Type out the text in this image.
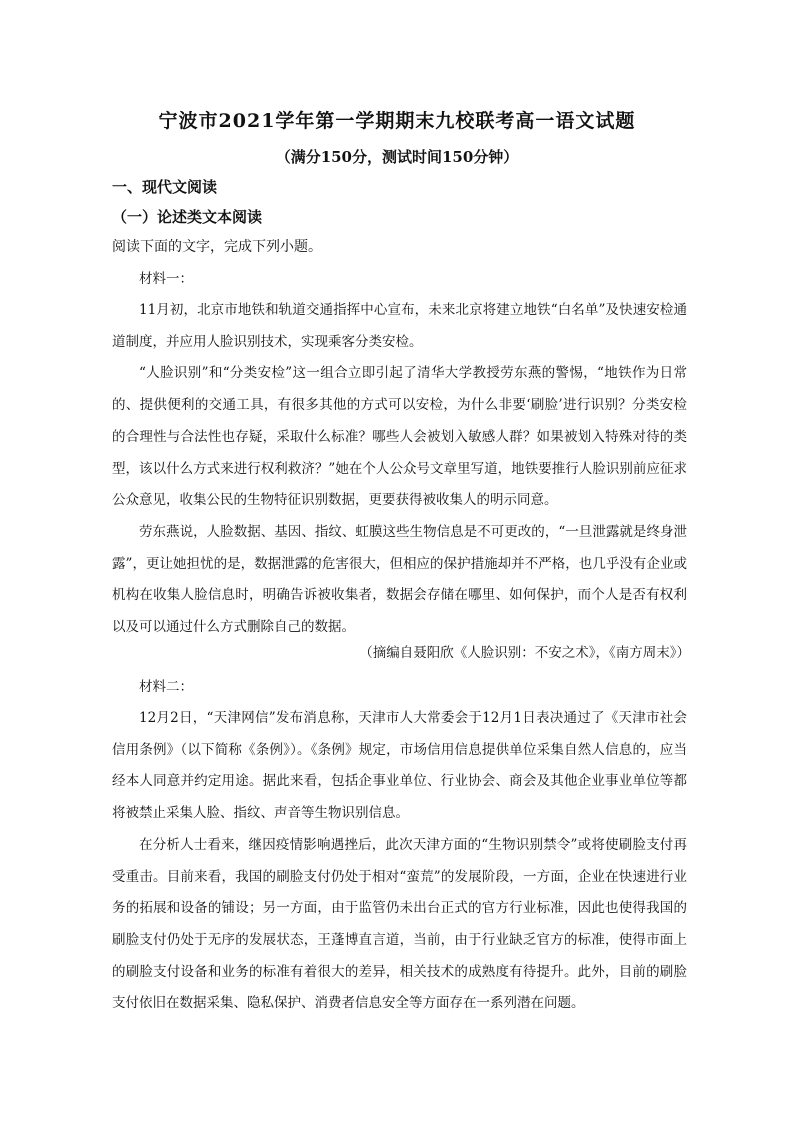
宁波市2021学年第一学期期末九校联考高一语文试题
（满分150分，测试时间150分钟）
一、现代文阅读
（一）论述类文本阅读
阅读下面的文字，完成下列小题。

材料一：

11月初，北京市地铁和轨道交通指挥中心宣布，未来北京将建立地铁“白名单”及快速安检通道制度，并应用人脸识别技术，实现乘客分类安检。

“人脸识别”和“分类安检”这一组合立即引起了清华大学教授劳东燕的警惕，“地铁作为日常的、提供便利的交通工具，有很多其他的方式可以安检，为什么非要‘刷脸’进行识别？分类安检的合理性与合法性也存疑，采取什么标准？哪些人会被划入敏感人群？如果被划入特殊对待的类型，该以什么方式来进行权利救济？”她在个人公众号文章里写道，地铁要推行人脸识别前应征求公众意见，收集公民的生物特征识别数据，更要获得被收集人的明示同意。

劳东燕说，人脸数据、基因、指纹、虹膜这些生物信息是不可更改的，“一旦泄露就是终身泄露”，更让她担忧的是，数据泄露的危害很大，但相应的保护措施却并不严格，也几乎没有企业或机构在收集人脸信息时，明确告诉被收集者，数据会存储在哪里、如何保护，而个人是否有权利以及可以通过什么方式删除自己的数据。

（摘编自聂阳欣《人脸识别：不安之术》，《南方周末》）

材料二：

12月2日，“天津网信”发布消息称，天津市人大常委会于12月1日表决通过了《天津市社会信用条例》（以下简称《条例》）。《条例》规定，市场信用信息提供单位采集自然人信息的，应当经本人同意并约定用途。据此来看，包括企事业单位、行业协会、商会及其他企业事业单位等都将被禁止采集人脸、指纹、声音等生物识别信息。

在分析人士看来，继因疫情影响遇挫后，此次天津方面的“生物识别禁令”或将使刷脸支付再受重击。目前来看，我国的刷脸支付仍处于相对“蛮荒”的发展阶段，一方面，企业在快速进行业务的拓展和设备的铺设；另一方面，由于监管仍未出台正式的官方行业标准，因此也使得我国的刷脸支付仍处于无序的发展状态，王蓬博直言道，当前，由于行业缺乏官方的标准，使得市面上的刷脸支付设备和业务的标准有着很大的差异，相关技术的成熟度有待提升。此外，目前的刷脸支付依旧在数据采集、隐私保护、消费者信息安全等方面存在一系列潜在问题。
